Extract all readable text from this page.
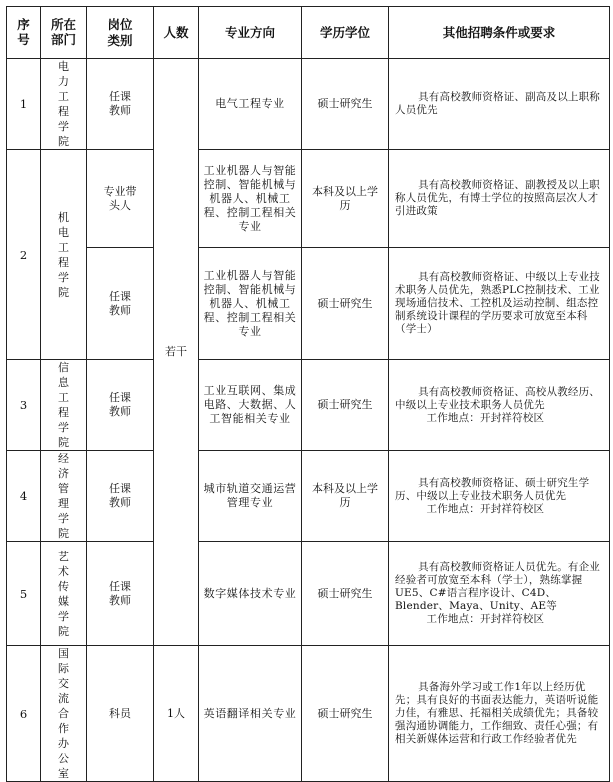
序号	所在部门	岗位类别	人数	专业方向	学历学位	其他招聘条件或要求
1	电力工程学院	任课教师	若干	电气工程专业	硕士研究生	具有高校教师资格证、副高及以上职称人员优先

2	机电工程学院	专业带头人		工业机器人与智能控制、智能机械与机器人、机械工程、控制工程相关专业	本科及以上学历	具有高校教师资格证、副教授及以上职称人员优先，有博士学位的按照高层次人才引进政策

		任课教师		工业机器人与智能控制、智能机械与机器人、机械工程、控制工程相关专业	硕士研究生	具有高校教师资格证、中级以上专业技术职务人员优先，熟悉PLC控制技术、工业现场通信技术、工控机及运动控制、组态控制系统设计课程的学历要求可放宽至本科（学士）

3	信息工程学院	任课教师		工业互联网、集成电路、大数据、人工智能相关专业	硕士研究生	具有高校教师资格证、高校从教经历、中级以上专业技术职务人员优先
工作地点：开封祥符校区

4	经济管理学院	任课教师		城市轨道交通运营管理专业	本科及以上学历	具有高校教师资格证、硕士研究生学历、中级以上专业技术职务人员优先
工作地点：开封祥符校区

5	艺术传媒学院	任课教师		数字媒体技术专业	硕士研究生	具有高校教师资格证人员优先。有企业经验者可放宽至本科（学士），熟练掌握UE5、C#语言程序设计、C4D、Blender、Maya、Unity、AE等
工作地点：开封祥符校区

6	国际交流合作办公室	科员	1人	英语翻译相关专业	硕士研究生	具备海外学习或工作1年以上经历优先；具有良好的书面表达能力，英语听说能力佳，有雅思、托福相关成绩优先；具备较强沟通协调能力，工作细致、责任心强；有相关新媒体运营和行政工作经验者优先
